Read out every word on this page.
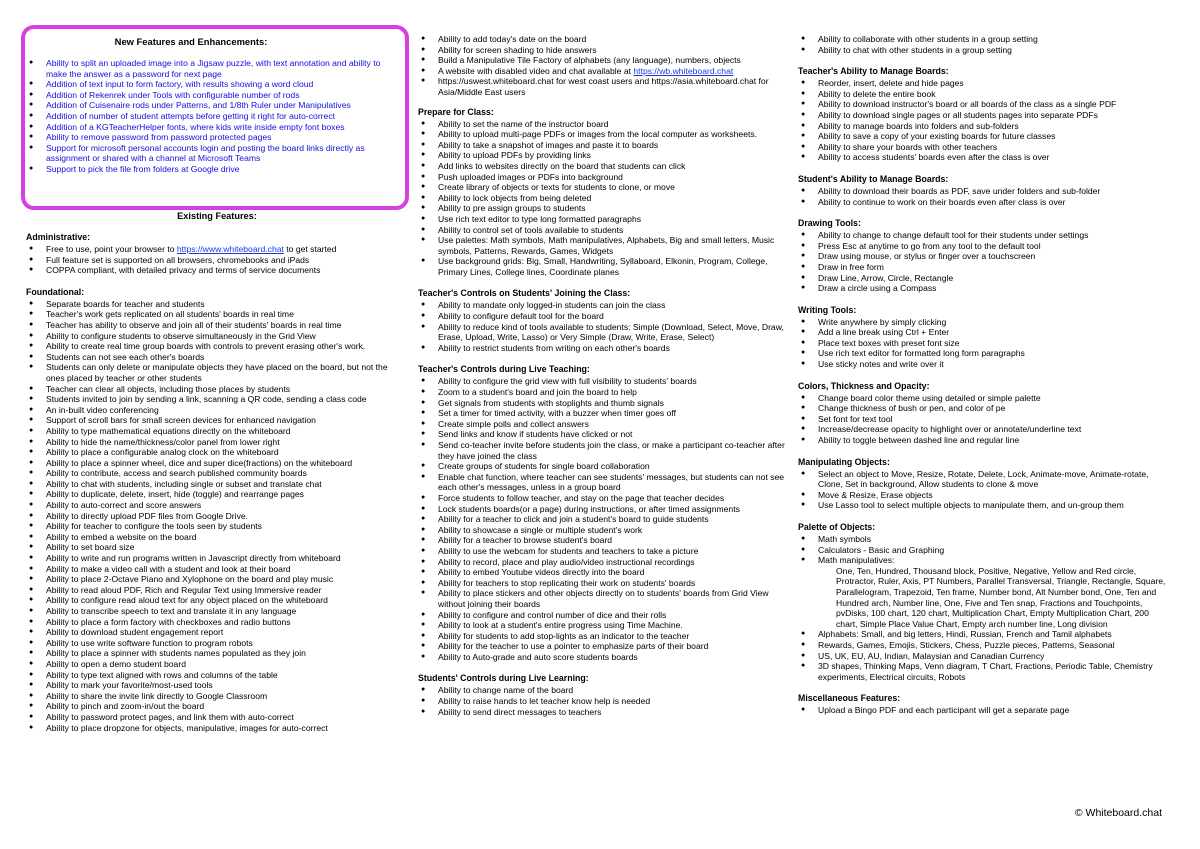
New Features and Enhancements:
● Ability to split an uploaded image into a Jigsaw puzzle, with text annotation and ability to make the answer as a password for next page
● Addition of text input to form factory, with results showing a word cloud
● Addition of Rekenrek under Tools with configurable number of rods
● Addition of Cuisenaire rods under Patterns, and 1/8th Ruler under Manipulatives
● Addition of number of student attempts before getting it right for auto-correct
● Addition of a KGTeacherHelper fonts, where kids write inside empty font boxes
● Ability to remove password from password protected pages
● Support for microsoft personal accounts login and posting the board links directly as assignment or shared with a channel at Microsoft Teams
● Support to pick the file from folders at Google drive
Existing Features:
Administrative:
● Free to use, point your browser to https://www.whiteboard.chat to get started
● Full feature set is supported on all browsers, chromebooks and iPads
● COPPA compliant, with detailed privacy and terms of service documents
Foundational:
● Separate boards for teacher and students
● Teacher's work gets replicated on all students' boards in real time
● Teacher has ability to observe and join all of their students' boards in real time
● Ability to configure students to observe simultaneously in the Grid View
● Ability to create real time group boards with controls to prevent erasing other's work.
● Students can not see each other's boards
● Students can only delete or manipulate objects they have placed on the board, but not the ones placed by teacher or other students
● Teacher can clear all objects, including those places by students
● Students invited to join by sending a link, scanning a QR code, sending a class code
● An in-built video conferencing
● Support of scroll bars for small screen devices for enhanced navigation
● Ability to type mathematical equations directly on the whiteboard
● Ability to hide the name/thickness/color panel from lower right
● Ability to place a configurable analog clock on the whiteboard
● Ability to place a spinner wheel, dice and super dice(fractions) on the whiteboard
● Ability to contribute, access and search published community boards
● Ability to chat with students, including single or subset and translate chat
● Ability to duplicate, delete, insert, hide (toggle) and rearrange pages
● Ability to auto-correct and score answers
● Ability to directly upload PDF files from Google Drive.
● Ability for teacher to configure the tools seen by students
● Ability to embed a website on the board
● Ability to set board size
● Ability to write and run programs written in Javascript directly from whiteboard
● Ability to make a video call with a student and look at their board
● Ability to place 2-Octave Piano and Xylophone on the board and play music
● Ability to read aloud PDF, Rich and Regular Text using Immersive reader
● Ability to configure read aloud text for any object placed on the whiteboard
● Ability to transcribe speech to text and translate it in any language
● Ability to place a form factory with checkboxes and radio buttons
● Ability to download student engagement report
● Ability to use write software function to program robots
● Ability to place a spinner with students names populated as they join
● Ability to open a demo student board
● Ability to type text aligned with rows and columns of the table
● Ability to mark your favorite/most-used tools
● Ability to share the invite link directly to Google Classroom
● Ability to pinch and zoom-in/out the board
● Ability to password protect pages, and link them with auto-correct
● Ability to place dropzone for objects, manipulative, images for auto-correct
● Ability to add today's date on the board
● Ability for screen shading to hide answers
● Build a Manipulative Tile Factory of alphabets (any language), numbers, objects
● A website with disabled video and chat available at https://wb.whiteboard.chat
● https://uswest.whiteboard.chat for west coast users and https://asia.whiteboard.chat for Asia/Middle East users
Prepare for Class:
● Ability to set the name of the instructor board
● Ability to upload multi-page PDFs or images from the local computer as worksheets.
● Ability to take a snapshot of images and paste it to boards
● Ability to upload PDFs by providing links
● Add links to websites directly on the board that students can click
● Push uploaded images or PDFs into background
● Create library of objects or texts for students to clone, or move
● Ability to lock objects from being deleted
● Ability to pre assign groups to students
● Use rich text editor to type long formatted paragraphs
● Ability to control set of tools available to students
● Use palettes: Math symbols, Math manipulatives, Alphabets, Big and small letters, Music symbols, Patterns, Rewards, Games, Widgets
● Use background grids: Big, Small, Handwriting, Syllaboard, Elkonin, Program, College, Primary Lines, College lines, Coordinate planes
Teacher's Controls on Students' Joining the Class:
● Ability to mandate only logged-in students can join the class
● Ability to configure default tool for the board
● Ability to reduce kind of tools available to students: Simple (Download, Select, Move, Draw, Erase, Upload, Write, Lasso) or Very Simple (Draw, Write, Erase, Select)
● Ability to restrict students from writing on each other's boards
Teacher's Controls during Live Teaching:
● Ability to configure the grid view with full visibility to students' boards
● Zoom to a student's board and join the board to help
● Get signals from students with stoplights and thumb signals
● Set a timer for timed activity, with a buzzer when timer goes off
● Create simple polls and collect answers
● Send links and know if students have clicked or not
● Send co-teacher invite before students join the class, or make a participant co-teacher after they have joined the class
● Create groups of students for single board collaboration
● Enable chat function, where teacher can see students' messages, but students can not see each other's messages, unless in a group board
● Force students to follow teacher, and stay on the page that teacher decides
● Lock students boards(or a page) during instructions, or after timed assignments
● Ability for a teacher to click and join a student's board to guide students
● Ability to showcase a single or multiple student's work
● Ability for a teacher to browse student's board
● Ability to use the webcam for students and teachers to take a picture
● Ability to record, place and play audio/video instructional recordings
● Ability to embed Youtube videos directly into the board
● Ability for teachers to stop replicating their work on students' boards
● Ability to place stickers and other objects directly on to students' boards from Grid View without joining their boards
● Ability to configure and control number of dice and their rolls
● Ability to look at a student's entire progress using Time Machine.
● Ability for students to add stop-lights as an indicator to the teacher
● Ability for the teacher to use a pointer to emphasize parts of their board
● Ability to Auto-grade and auto score students boards
Students' Controls during Live Learning:
● Ability to change name of the board
● Ability to raise hands to let teacher know help is needed
● Ability to send direct messages to teachers
● Ability to collaborate with other students in a group setting
● Ability to chat with other students in a group setting
Teacher's Ability to Manage Boards:
● Reorder, insert, delete and hide pages
● Ability to delete the entire book
● Ability to download instructor's board or all boards of the class as a single PDF
● Ability to download single pages or all students pages into separate PDFs
● Ability to manage boards into folders and sub-folders
● Ability to save a copy of your existing boards for future classes
● Ability to share your boards with other teachers
● Ability to access students' boards even after the class is over
Student's Ability to Manage Boards:
● Ability to download their boards as PDF, save under folders and sub-folder
● Ability to continue to work on their boards even after class is over
Drawing Tools:
● Ability to change to change default tool for their students under settings
● Press Esc at anytime to go from any tool to the default tool
● Draw using mouse, or stylus or finger over a touchscreen
● Draw in free form
● Draw Line, Arrow, Circle, Rectangle
● Draw a circle using a Compass
Writing Tools:
● Write anywhere by simply clicking
● Add a line break using Ctrl + Enter
● Place text boxes with preset font size
● Use rich text editor for formatted long form paragraphs
● Use sticky notes and write over it
Colors, Thickness and Opacity:
● Change board color theme using detailed or simple palette
● Change thickness of bush or pen, and color of pe
● Set font for text tool
● Increase/decrease opacity to highlight over or annotate/underline text
● Ability to toggle between dashed line and regular line
Manipulating Objects:
● Select an object to Move, Resize, Rotate, Delete, Lock, Animate-move, Animate-rotate, Clone, Set in background, Allow students to clone & move
● Move & Resize, Erase objects
● Use Lasso tool to select multiple objects to manipulate them, and un-group them
Palette of Objects:
● Math symbols
● Calculators - Basic and Graphing
● Math manipulatives:
One, Ten, Hundred, Thousand block, Positive, Negative, Yellow and Red circle, Protractor, Ruler, Axis, PT Numbers, Parallel Transversal, Triangle, Rectangle, Square, Parallelogram, Trapezoid, Ten frame, Number bond, Alt Number bond, One, Ten and Hundred arch, Number line, One, Five and Ten snap, Fractions and Touchpoints, pvDisks, 100 chart, 120 chart, Multiplication Chart, Empty Multiplication Chart, 200 chart, Simple Place Value Chart, Empty arch number line, Long division
● Alphabets: Small, and big letters, Hindi, Russian, French and Tamil alphabets
● Rewards, Games, Emojis, Stickers, Chess, Puzzle pieces, Patterns, Seasonal
● US, UK, EU, AU, Indian, Malaysian and Canadian Currency
● 3D shapes, Thinking Maps, Venn diagram, T Chart, Fractions, Periodic Table, Chemistry experiments, Electrical circuits, Robots
Miscellaneous Features:
● Upload a Bingo PDF and each participant will get a separate page
© Whiteboard.chat
